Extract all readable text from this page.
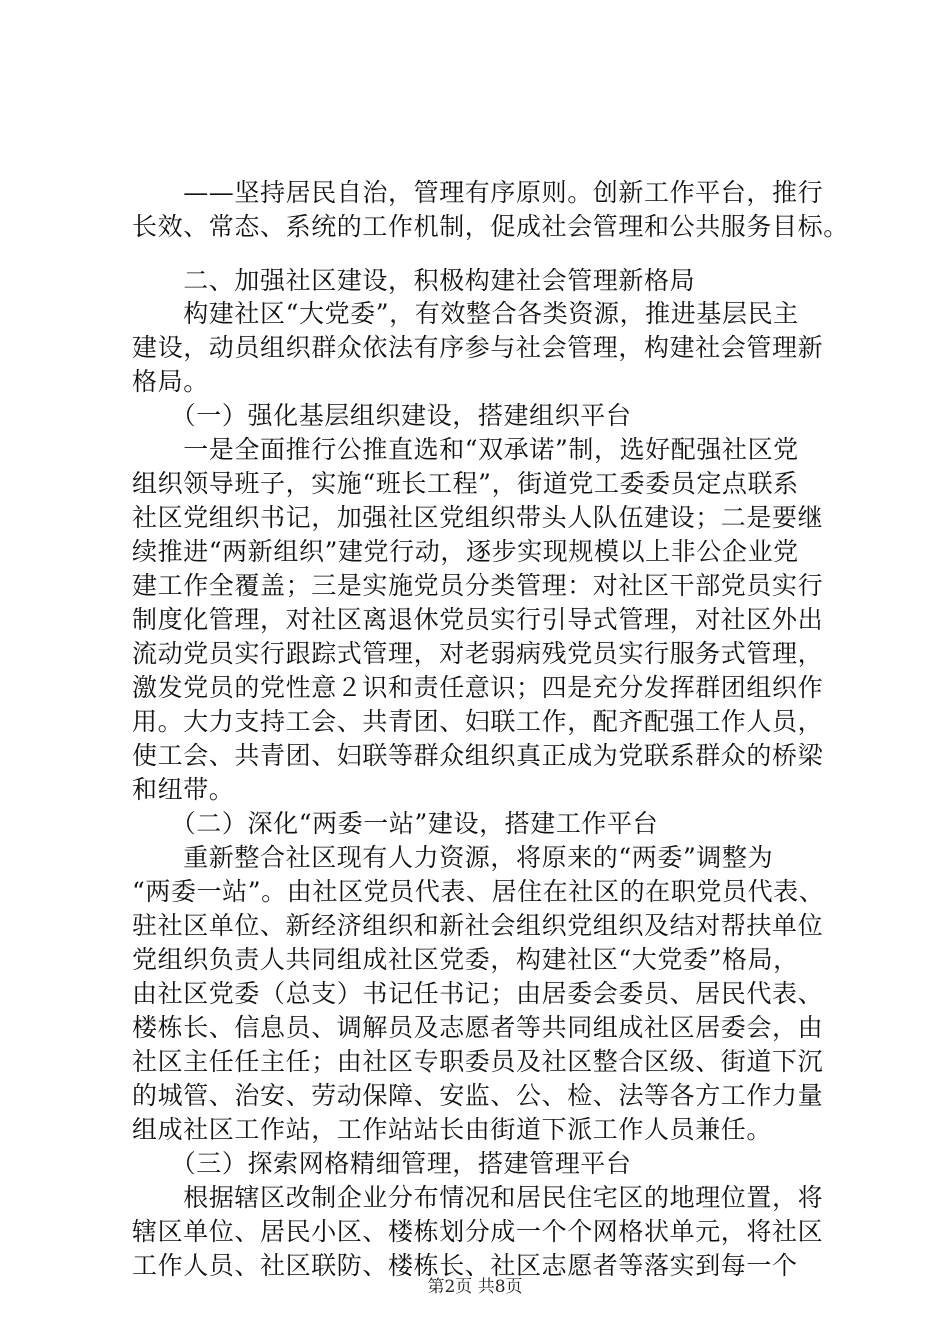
　　——坚持居民自治，管理有序原则。创新工作平台，推行
长效、常态、系统的工作机制，促成社会管理和公共服务目标。
　　二、加强社区建设，积极构建社会管理新格局
　　构建社区“大党委”，有效整合各类资源，推进基层民主
建设，动员组织群众依法有序参与社会管理，构建社会管理新
格局。
　　（一）强化基层组织建设，搭建组织平台
　　一是全面推行公推直选和“双承诺”制，选好配强社区党
组织领导班子，实施“班长工程”，街道党工委委员定点联系
社区党组织书记，加强社区党组织带头人队伍建设；二是要继
续推进“两新组织”建党行动，逐步实现规模以上非公企业党
建工作全覆盖；三是实施党员分类管理：对社区干部党员实行
制度化管理，对社区离退休党员实行引导式管理，对社区外出
流动党员实行跟踪式管理，对老弱病残党员实行服务式管理，
激发党员的党性意２识和责任意识；四是充分发挥群团组织作
用。大力支持工会、共青团、妇联工作，配齐配强工作人员，
使工会、共青团、妇联等群众组织真正成为党联系群众的桥梁
和纽带。
　　（二）深化“两委一站”建设，搭建工作平台
　　重新整合社区现有人力资源，将原来的“两委”调整为
“两委一站”。由社区党员代表、居住在社区的在职党员代表、
驻社区单位、新经济组织和新社会组织党组织及结对帮扶单位
党组织负责人共同组成社区党委，构建社区“大党委”格局，
由社区党委（总支）书记任书记；由居委会委员、居民代表、
楼栋长、信息员、调解员及志愿者等共同组成社区居委会，由
社区主任任主任；由社区专职委员及社区整合区级、街道下沉
的城管、治安、劳动保障、安监、公、检、法等各方工作力量
组成社区工作站，工作站站长由街道下派工作人员兼任。
　　（三）探索网格精细管理，搭建管理平台
　　根据辖区改制企业分布情况和居民住宅区的地理位置，将
辖区单位、居民小区、楼栋划分成一个个网格状单元，将社区
工作人员、社区联防、楼栋长、社区志愿者等落实到每一个
第2页 共8页
